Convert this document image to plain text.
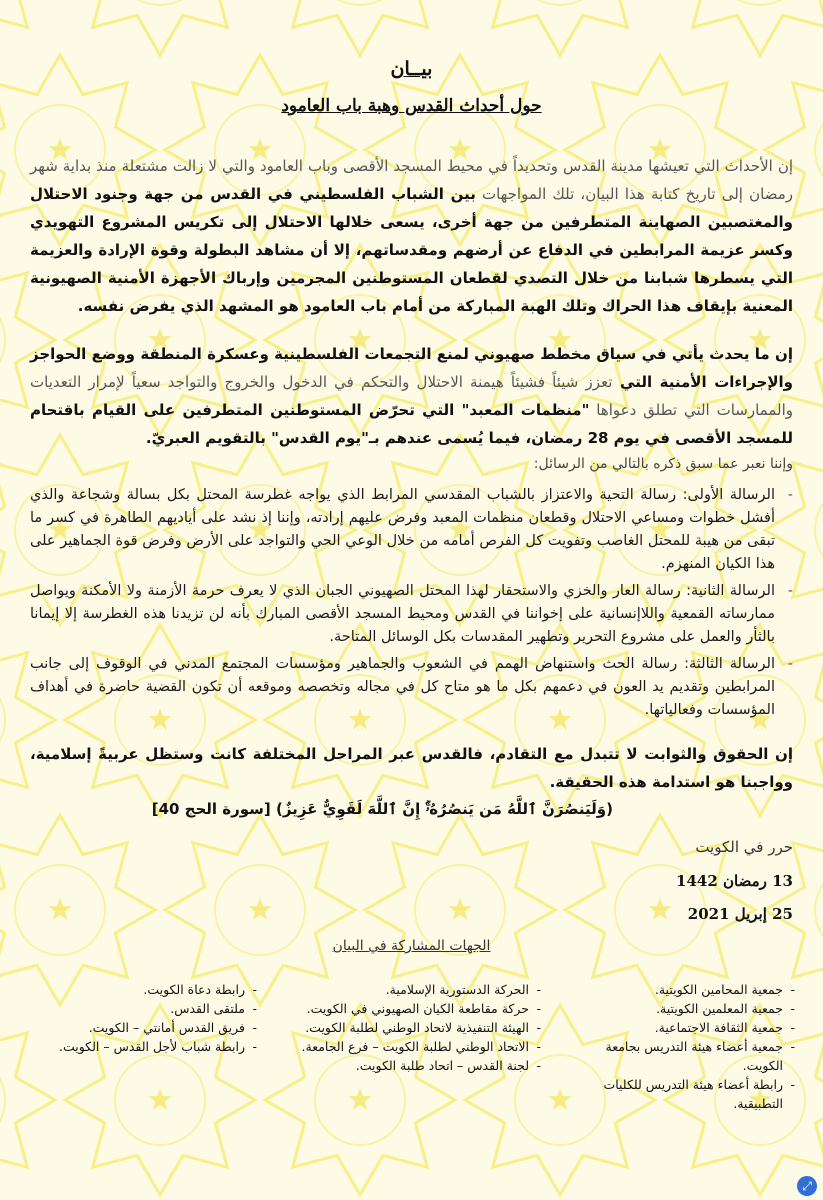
بيــان
حول أحداث القدس وهبة باب العامود
إن الأحداث التي تعيشها مدينة القدس وتحديداً في محيط المسجد الأقصى وباب العامود والتي لا زالت مشتعلة منذ بداية شهر رمضان إلى تاريخ كتابة هذا البيان، تلك المواجهات بين الشباب الفلسطيني في القدس من جهة وجنود الاحتلال والمغتصبين الصهاينة المتطرفين من جهة أخرى، يسعى خلالها الاحتلال إلى تكريس المشروع التهويدي وكسر عزيمة المرابطين في الدفاع عن أرضهم ومقدساتهم، إلا أن مشاهد البطولة وقوة الإرادة والعزيمة التي يسطرها شبابنا من خلال التصدي لقطعان المستوطنين المجرمين وإرباك الأجهزة الأمنية الصهيونية المعنية بإيقاف هذا الحراك وتلك الهبة المباركة من أمام باب العامود هو المشهد الذي يفرض نفسه.
إن ما يحدث يأتي في سياق مخطط صهيوني لمنع التجمعات الفلسطينية وعسكرة المنطقة ووضع الحواجز والإجراءات الأمنية التي تعزز شيئاً فشيئاً هيمنة الاحتلال والتحكم في الدخول والخروج والتواجد سعياً لإمرار التعديات والممارسات التي تطلق دعواها "منظمات المعبد" التي تحرّض المستوطنين المتطرفين على القيام باقتحام للمسجد الأقصى في يوم 28 رمضان، فيما يُسمى عندهم بـ"يوم القدس" بالتقويم العبريّ.
وإننا نعبر عما سبق ذكره بالتالي من الرسائل:
- الرسالة الأولى: رسالة التحية والاعتزاز بالشباب المقدسي المرابط الذي يواجه غطرسة المحتل بكل بسالة وشجاعة والذي أفشل خطوات ومساعي الاحتلال وقطعان منظمات المعبد وفرض عليهم إرادته، وإننا إذ نشد على أياديهم الطاهرة في كسر ما تبقى من هيبة للمحتل الغاصب وتفويت كل الفرص أمامه من خلال الوعي الحي والتواجد على الأرض وفرض قوة الجماهير على هذا الكيان المنهزم.
- الرسالة الثانية: رسالة العار والخزي والاستحقار لهذا المحتل الصهيوني الجبان الذي لا يعرف حرمة الأزمنة ولا الأمكنة ويواصل ممارساته القمعية واللاإنسانية على إخواننا في القدس ومحيط المسجد الأقصى المبارك بأنه لن تزيدنا هذه الغطرسة إلا إيمانا بالثأر والعمل على مشروع التحرير وتطهير المقدسات بكل الوسائل المتاحة.
- الرسالة الثالثة: رسالة الحث واستنهاض الهمم في الشعوب والجماهير ومؤسسات المجتمع المدني في الوقوف إلى جانب المرابطين وتقديم يد العون في دعمهم بكل ما هو متاح كل في مجاله وتخصصه وموقعه أن تكون القضية حاضرة في أهداف المؤسسات وفعالياتها.
إن الحقوق والثوابت لا تتبدل مع التقادم، فالقدس عبر المراحل المختلفة كانت وستظل عربيةً إسلامية، وواجبنا هو استدامة هذه الحقيقة.
(وَلَيَنصُرَنَّ ٱللَّهُ مَن يَنصُرُهُۥٓۚ إِنَّ ٱللَّهَ لَقَوِيٌّ عَزِيزٌ) [سورة الحج 40]
حرر في الكويت
13 رمضان 1442
25 إبريل 2021
الجهات المشاركة في البيان
- جمعية المحامين الكويتية.
- جمعية المعلمين الكويتية.
- جمعية الثقافة الاجتماعية.
- جمعية أعضاء هيئة التدريس بجامعة الكويت.
- رابطة أعضاء هيئة التدريس للكليات التطبيقية.
- الحركة الدستورية الإسلامية.
- حركة مقاطعة الكيان الصهيوني في الكويت.
- الهيئة التنفيذية لاتحاد الوطني لطلبة الكويت.
- الاتحاد الوطني لطلبة الكويت – فرع الجامعة.
- لجنة القدس – اتحاد طلبة الكويت.
- رابطة دعاة الكويت.
- ملتقى القدس.
- فريق القدس أمانتي – الكويت.
- رابطة شباب لأجل القدس – الكويت.
⤢
